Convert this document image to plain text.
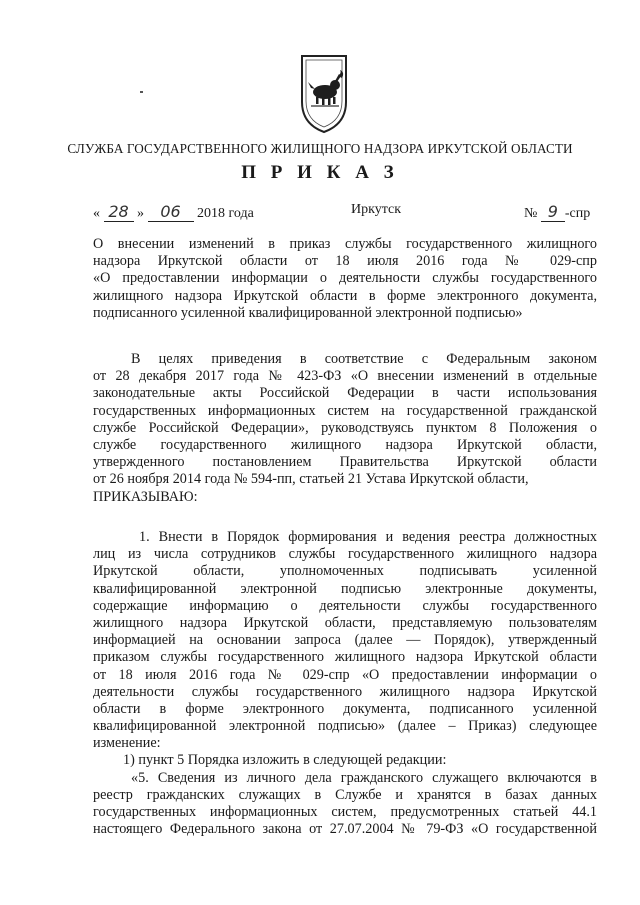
СЛУЖБА ГОСУДАРСТВЕННОГО ЖИЛИЩНОГО НАДЗОРА ИРКУТСКОЙ ОБЛАСТИ
П Р И К А З
« 28 » 06 2018 года	Иркутск	№ 9 -спр
О внесении изменений в приказ службы государственного жилищного
надзора Иркутской области от 18 июля 2016 года № 029-спр
«О предоставлении информации о деятельности службы государственного
жилищного надзора Иркутской области в форме электронного документа,
подписанного усиленной квалифицированной электронной подписью»
В целях приведения в соответствие с Федеральным законом
от 28 декабря 2017 года № 423-ФЗ «О внесении изменений в отдельные
законодательные акты Российской Федерации в части использования
государственных информационных систем на государственной гражданской
службе Российской Федерации», руководствуясь пунктом 8 Положения о
службе государственного жилищного надзора Иркутской области,
утвержденного постановлением Правительства Иркутской области
от 26 ноября 2014 года № 594-пп, статьей 21 Устава Иркутской области,
ПРИКАЗЫВАЮ:
1. Внести в Порядок формирования и ведения реестра должностных
лиц из числа сотрудников службы государственного жилищного надзора
Иркутской области, уполномоченных подписывать усиленной
квалифицированной электронной подписью электронные документы,
содержащие информацию о деятельности службы государственного
жилищного надзора Иркутской области, представляемую пользователям
информацией на основании запроса (далее — Порядок), утвержденный
приказом службы государственного жилищного надзора Иркутской области
от 18 июля 2016 года № 029-спр «О предоставлении информации о
деятельности службы государственного жилищного надзора Иркутской
области в форме электронного документа, подписанного усиленной
квалифицированной электронной подписью» (далее – Приказ) следующее
изменение:
1) пункт 5 Порядка изложить в следующей редакции:
«5. Сведения из личного дела гражданского служащего включаются в
реестр гражданских служащих в Службе и хранятся в базах данных
государственных информационных систем, предусмотренных статьей 44.1
настоящего Федерального закона от 27.07.2004 № 79-ФЗ «О государственной
